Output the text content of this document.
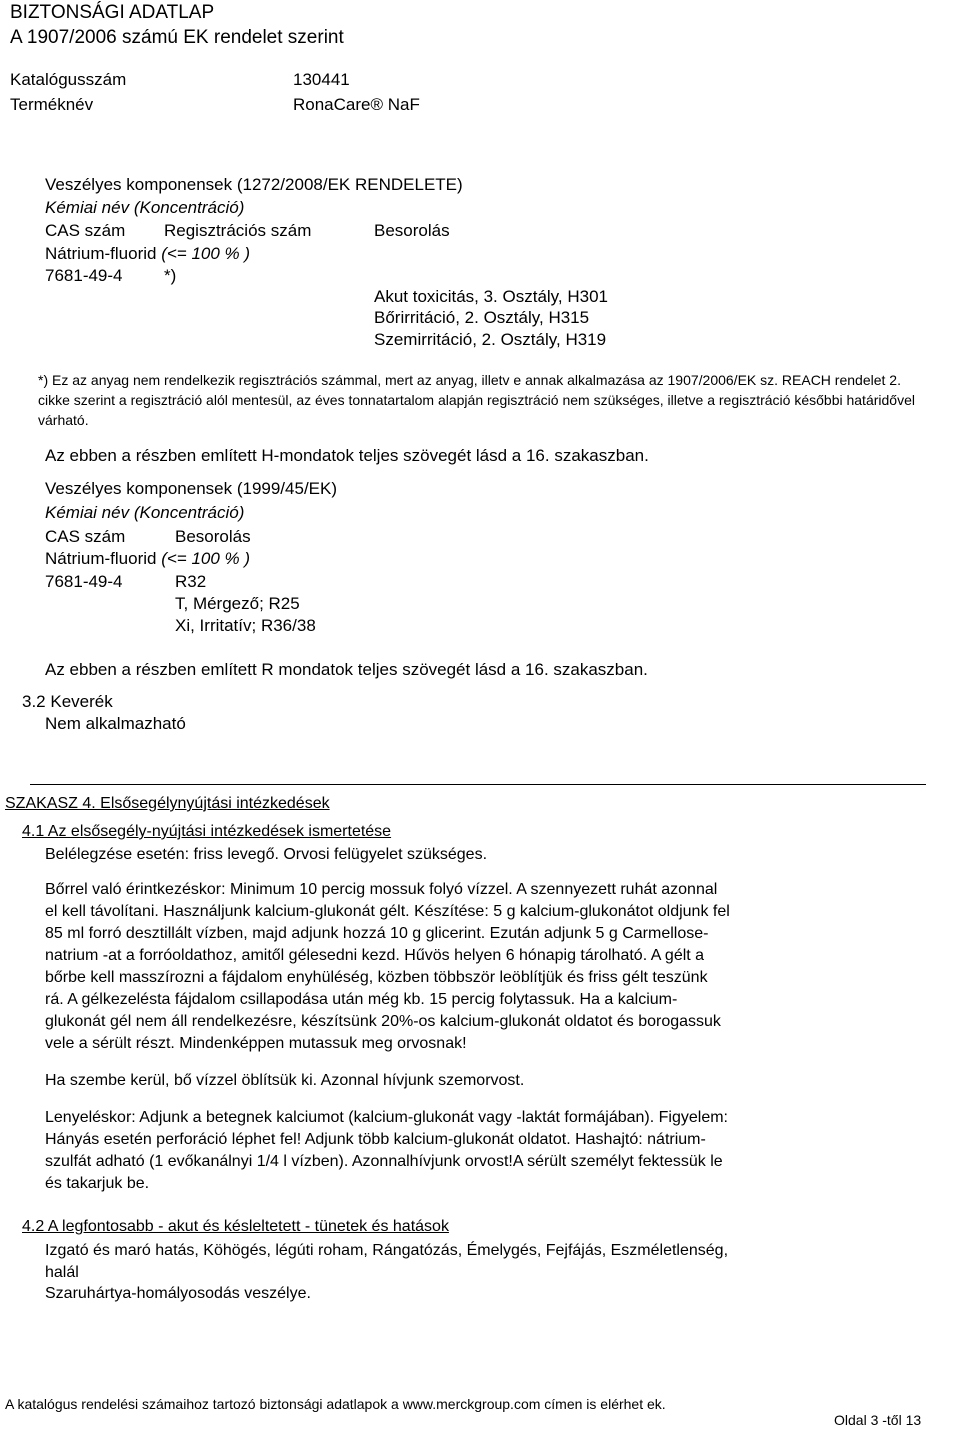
BIZTONSÁGI ADATLAP
A 1907/2006 számú EK rendelet szerint
Katalógusszám	130441
Terméknév	RonaCare® NaF
Veszélyes komponensek (1272/2008/EK RENDELETE)
Kémiai név (Koncentráció)
CAS szám Regisztrációs szám	Besorolás
Nátrium-fluorid (<= 100 % )
7681-49-4 *)
Akut toxicitás, 3. Osztály, H301
Bőrirritáció, 2. Osztály, H315
Szemirritáció, 2. Osztály, H319
*) Ez az anyag nem rendelkezik regisztrációs számmal, mert az anyag, illetv e annak alkalmazása az 1907/2006/EK sz. REACH rendelet 2. cikke szerint a regisztráció alól mentesül, az éves tonnatartalom alapján regisztráció nem szükséges, illetve a regisztráció későbbi határidővel várható.
Az ebben a részben említett H-mondatok teljes szövegét lásd a 16. szakaszban.
Veszélyes komponensek (1999/45/EK)
Kémiai név (Koncentráció)
CAS szám	Besorolás
Nátrium-fluorid (<= 100 % )
7681-49-4	R32
T, Mérgező; R25
Xi, Irritatív; R36/38
Az ebben a részben említett R mondatok teljes szövegét lásd a 16. szakaszban.
3.2 Keverék
Nem alkalmazható
SZAKASZ 4. Elsősegélynyújtási intézkedések
4.1 Az elsősegély-nyújtási intézkedések ismertetése
Belélegzése esetén: friss levegő. Orvosi felügyelet szükséges.
Bőrrel való érintkezéskor: Minimum 10 percig mossuk folyó vízzel. A szennyezett ruhát azonnal
el kell távolítani. Használjunk kalcium-glukonát gélt. Készítése: 5 g kalcium-glukonátot oldjunk fel
85 ml forró desztillált vízben, majd adjunk hozzá 10 g glicerint. Ezután adjunk 5 g Carmellose-
natrium -at a forróoldathoz, amitől gélesedni kezd. Hűvös helyen 6 hónapig tárolható. A gélt a
bőrbe kell masszírozni a fájdalom enyhüléség, közben többször leöblítjük és friss gélt teszünk
rá. A gélkezelésta fájdalom csillapodása után még kb. 15 percig folytassuk. Ha a kalcium-
glukonát gél nem áll rendelkezésre, készítsünk 20%-os kalcium-glukonát oldatot és borogassuk
vele a sérült részt. Mindenképpen mutassuk meg orvosnak!
Ha szembe kerül, bő vízzel öblítsük ki. Azonnal hívjunk szemorvost.
Lenyeléskor: Adjunk a betegnek kalciumot (kalcium-glukonát vagy -laktát formájában). Figyelem:
Hányás esetén perforáció léphet fel! Adjunk több kalcium-glukonát oldatot. Hashajtó: nátrium-
szulfát adható (1 evőkanálnyi 1/4 l vízben). Azonnalhívjunk orvost!A sérült személyt fektessük le
és takarjuk be.
4.2 A legfontosabb - akut és késleltetett - tünetek és hatások
Izgató és maró hatás, Köhögés, légúti roham, Rángatózás, Émelygés, Fejfájás, Eszméletlenség,
halál
Szaruhártya-homályosodás veszélye.
A katalógus rendelési számaihoz tartozó biztonsági adatlapok a www.merckgroup.com címen is elérhet ek.
Oldal 3 -től 13
